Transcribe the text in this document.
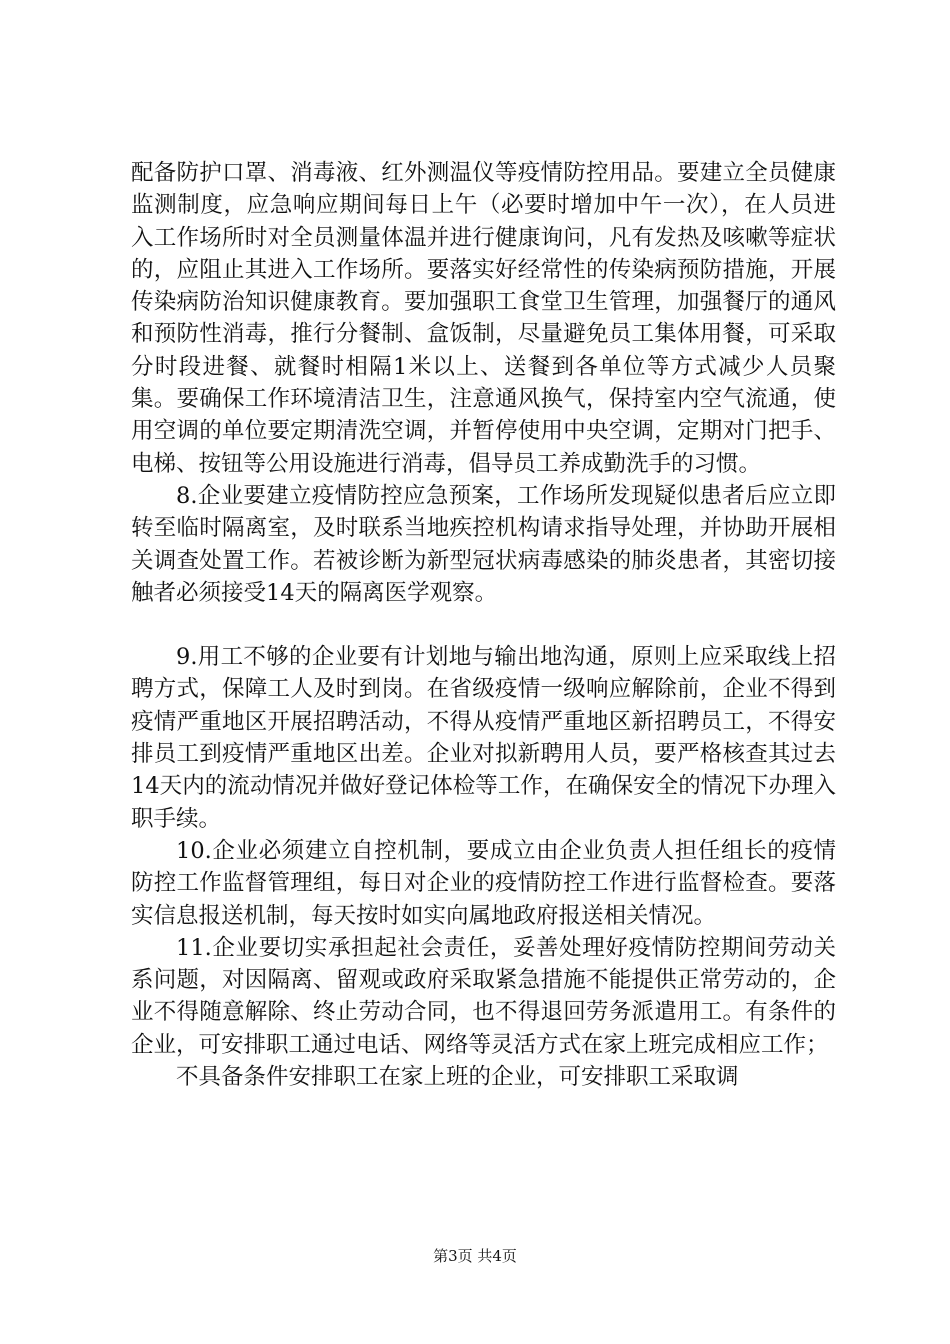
配备防护口罩、消毒液、红外测温仪等疫情防控用品。要建立全员健康监测制度，应急响应期间每日上午（必要时增加中午一次），在人员进入工作场所时对全员测量体温并进行健康询问，凡有发热及咳嗽等症状的，应阻止其进入工作场所。要落实好经常性的传染病预防措施，开展传染病防治知识健康教育。要加强职工食堂卫生管理，加强餐厅的通风和预防性消毒，推行分餐制、盒饭制，尽量避免员工集体用餐，可采取分时段进餐、就餐时相隔1米以上、送餐到各单位等方式减少人员聚集。要确保工作环境清洁卫生，注意通风换气，保持室内空气流通，使用空调的单位要定期清洗空调，并暂停使用中央空调，定期对门把手、电梯、按钮等公用设施进行消毒，倡导员工养成勤洗手的习惯。

8.企业要建立疫情防控应急预案，工作场所发现疑似患者后应立即转至临时隔离室，及时联系当地疾控机构请求指导处理，并协助开展相关调查处置工作。若被诊断为新型冠状病毒感染的肺炎患者，其密切接触者必须接受14天的隔离医学观察。

9.用工不够的企业要有计划地与输出地沟通，原则上应采取线上招聘方式，保障工人及时到岗。在省级疫情一级响应解除前，企业不得到疫情严重地区开展招聘活动，不得从疫情严重地区新招聘员工，不得安排员工到疫情严重地区出差。企业对拟新聘用人员，要严格核查其过去14天内的流动情况并做好登记体检等工作，在确保安全的情况下办理入职手续。

10.企业必须建立自控机制，要成立由企业负责人担任组长的疫情防控工作监督管理组，每日对企业的疫情防控工作进行监督检查。要落实信息报送机制，每天按时如实向属地政府报送相关情况。

11.企业要切实承担起社会责任，妥善处理好疫情防控期间劳动关系问题，对因隔离、留观或政府采取紧急措施不能提供正常劳动的，企业不得随意解除、终止劳动合同，也不得退回劳务派遣用工。有条件的企业，可安排职工通过电话、网络等灵活方式在家上班完成相应工作；

不具备条件安排职工在家上班的企业，可安排职工采取调

第3页 共4页
